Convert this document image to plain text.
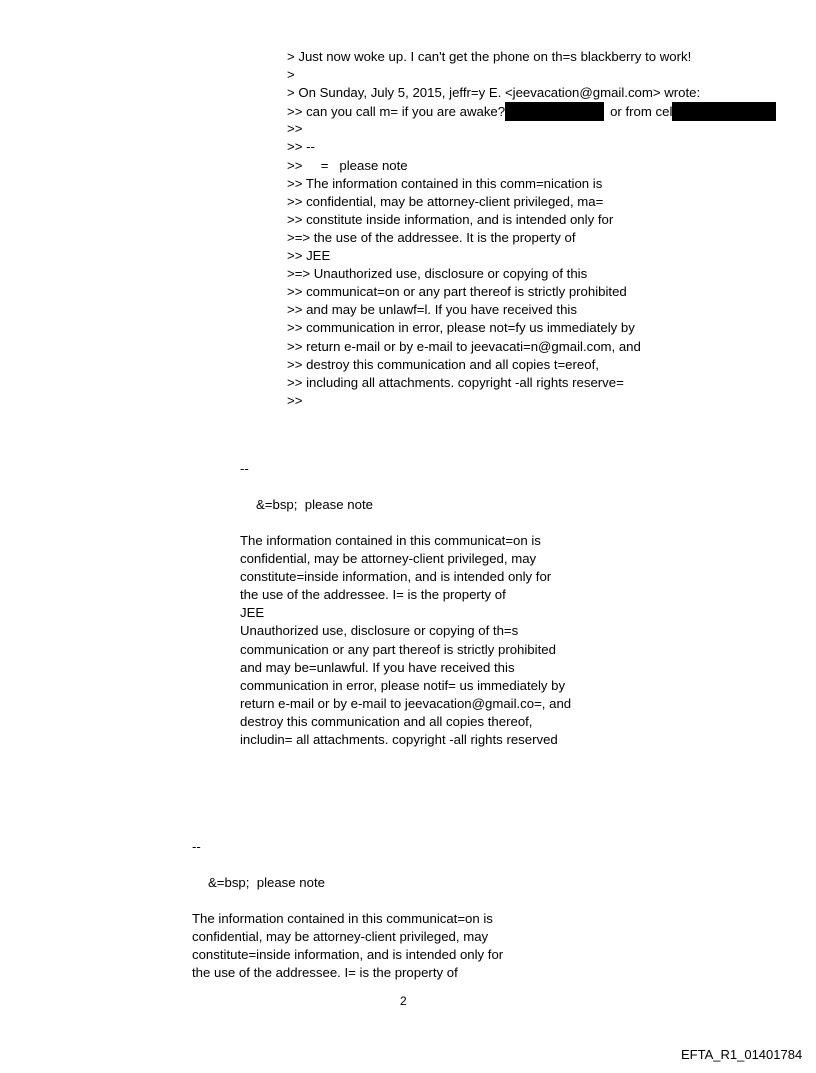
> Just now woke up. I can't get the phone on th=s blackberry to work!
>
> On Sunday, July 5, 2015, jeffr=y E. <jeevacation@gmail.com> wrote:
>> can you call m= if you are awake?	or from cel
>>
>> --
>>     =   please note
>> The information contained in this comm=nication is
>> confidential, may be attorney-client privileged, ma=
>> constitute inside information, and is intended only for
>=> the use of the addressee. It is the property of
>> JEE
>=> Unauthorized use, disclosure or copying of this
>> communicat=on or any part thereof is strictly prohibited
>> and may be unlawf=l. If you have received this
>> communication in error, please not=fy us immediately by
>> return e-mail or by e-mail to jeevacati=n@gmail.com, and
>> destroy this communication and all copies t=ereof,
>> including all attachments. copyright -all rights reserve=
>>
--
&=bsp;  please note
The information contained in this communicat=on is
confidential, may be attorney-client privileged, may
constitute=inside information, and is intended only for
the use of the addressee. I= is the property of
JEE
Unauthorized use, disclosure or copying of th=s
communication or any part thereof is strictly prohibited
and may be=unlawful. If you have received this
communication in error, please notif= us immediately by
return e-mail or by e-mail to jeevacation@gmail.co=, and
destroy this communication and all copies thereof,
includin= all attachments. copyright -all rights reserved
--
&=bsp;  please note
The information contained in this communicat=on is
confidential, may be attorney-client privileged, may
constitute=inside information, and is intended only for
the use of the addressee. I= is the property of
2
EFTA_R1_01401784
